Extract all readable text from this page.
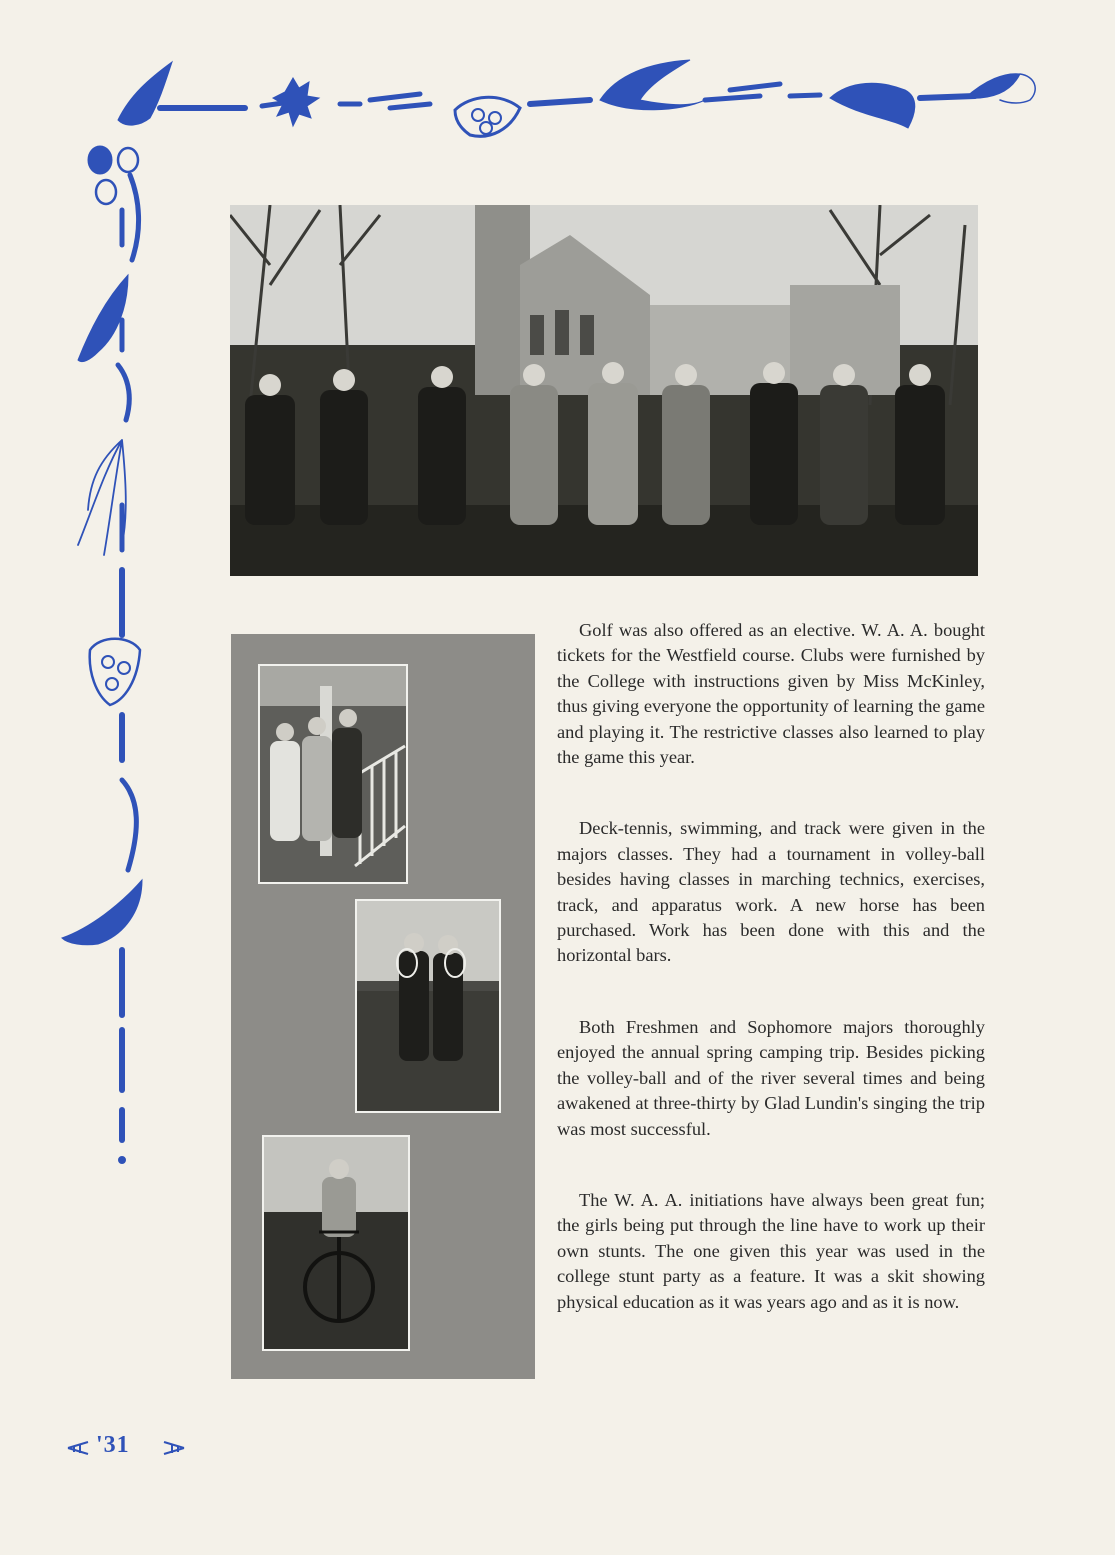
Golf was also offered as an elective. W. A. A. bought tickets for the Westfield course. Clubs were furnished by the College with instructions given by Miss McKinley, thus giving everyone the opportunity of learning the game and playing it. The restrictive classes also learned to play the game this year.

Deck-tennis, swimming, and track were given in the majors classes. They had a tournament in volley-ball besides having classes in marching technics, exercises, track, and apparatus work. A new horse has been purchased. Work has been done with this and the horizontal bars.

Both Freshmen and Sophomore majors thoroughly enjoyed the annual spring camping trip. Besides picking the volley-ball and of the river several times and being awakened at three-thirty by Glad Lundin's singing the trip was most successful.

The W. A. A. initiations have always been great fun; the girls being put through the line have to work up their own stunts. The one given this year was used in the college stunt party as a feature. It was a skit showing physical education as it was years ago and as it is now.

'31
